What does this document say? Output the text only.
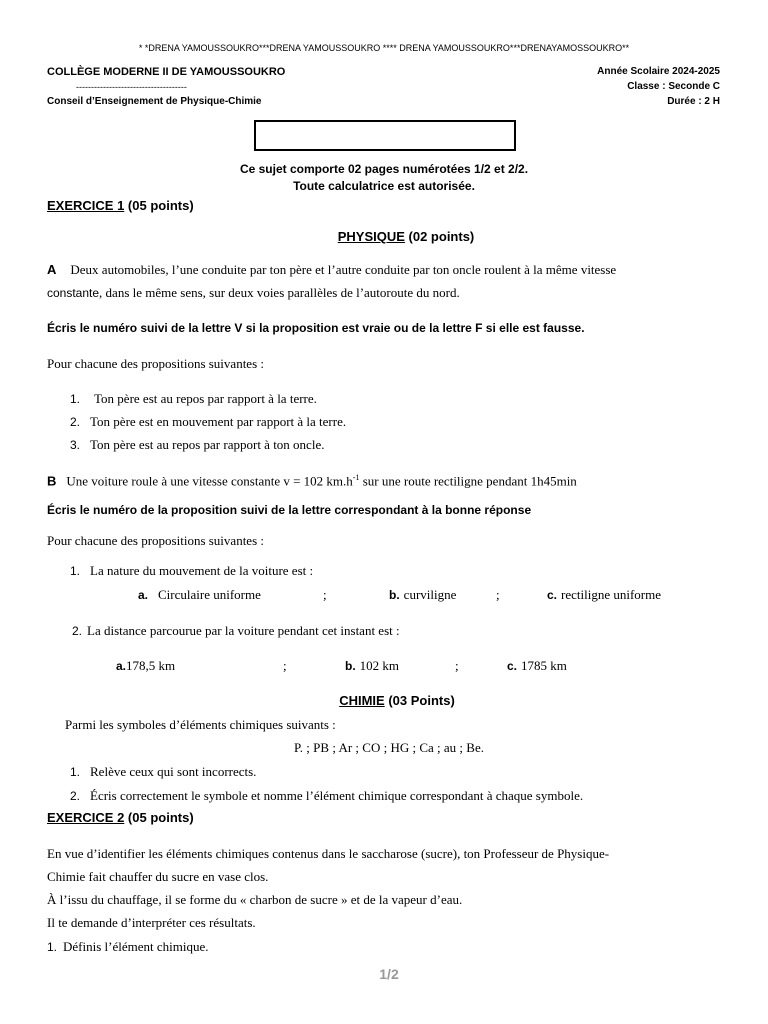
* *DRENA YAMOUSSOUKRO***DRENA YAMOUSSOUKRO **** DRENA YAMOUSSOUKRO***DRENAYAMOSSOUKRO**
COLLÈGE MODERNE II DE YAMOUSSOUKRO
-------------------------------------
Conseil d’Enseignement de Physique-Chimie
Année Scolaire 2024-2025
Classe : Seconde C
Durée : 2 H
Ce sujet comporte 02 pages numérotées 1/2 et 2/2.
Toute calculatrice est autorisée.
EXERCICE 1 (05 points)
PHYSIQUE (02 points)
A Deux automobiles, l’une conduite par ton père et l’autre conduite par ton oncle roulent à la même vitesse
constante, dans le même sens, sur deux voies parallèles de l’autoroute du nord.
Écris le numéro suivi de la lettre V si la proposition est vraie ou de la lettre F si elle est fausse.
Pour chacune des propositions suivantes :
1. Ton père est au repos par rapport à la terre.
2. Ton père est en mouvement par rapport à la terre.
3. Ton père est au repos par rapport à ton oncle.
B Une voiture roule à une vitesse constante v = 102 $km.h^{-1}$ sur une route rectiligne pendant 1h45min
Écris le numéro de la proposition suivi de la lettre correspondant à la bonne réponse
Pour chacune des propositions suivantes :
1. La nature du mouvement de la voiture est :
a. Circulaire uniforme	;	b. curviligne	;	c. rectiligne uniforme
2. La distance parcourue par la voiture pendant cet instant est :
a.178,5 km	;	b. 102 km	;	c. 1785 km
CHIMIE (03 Points)
Parmi les symboles d’éléments chimiques suivants :
P. ; PB ; Ar ; CO ; HG ; Ca ; au ; Be.
1. Relève ceux qui sont incorrects.
2. Écris correctement le symbole et nomme l’élément chimique correspondant à chaque symbole.
EXERCICE 2 (05 points)
En vue d’identifier les éléments chimiques contenus dans le saccharose (sucre), ton Professeur de Physique-
Chimie fait chauffer du sucre en vase clos.
À l’issu du chauffage, il se forme du « charbon de sucre » et de la vapeur d’eau.
Il te demande d’interpréter ces résultats.
1. Définis l’élément chimique.
1/2
